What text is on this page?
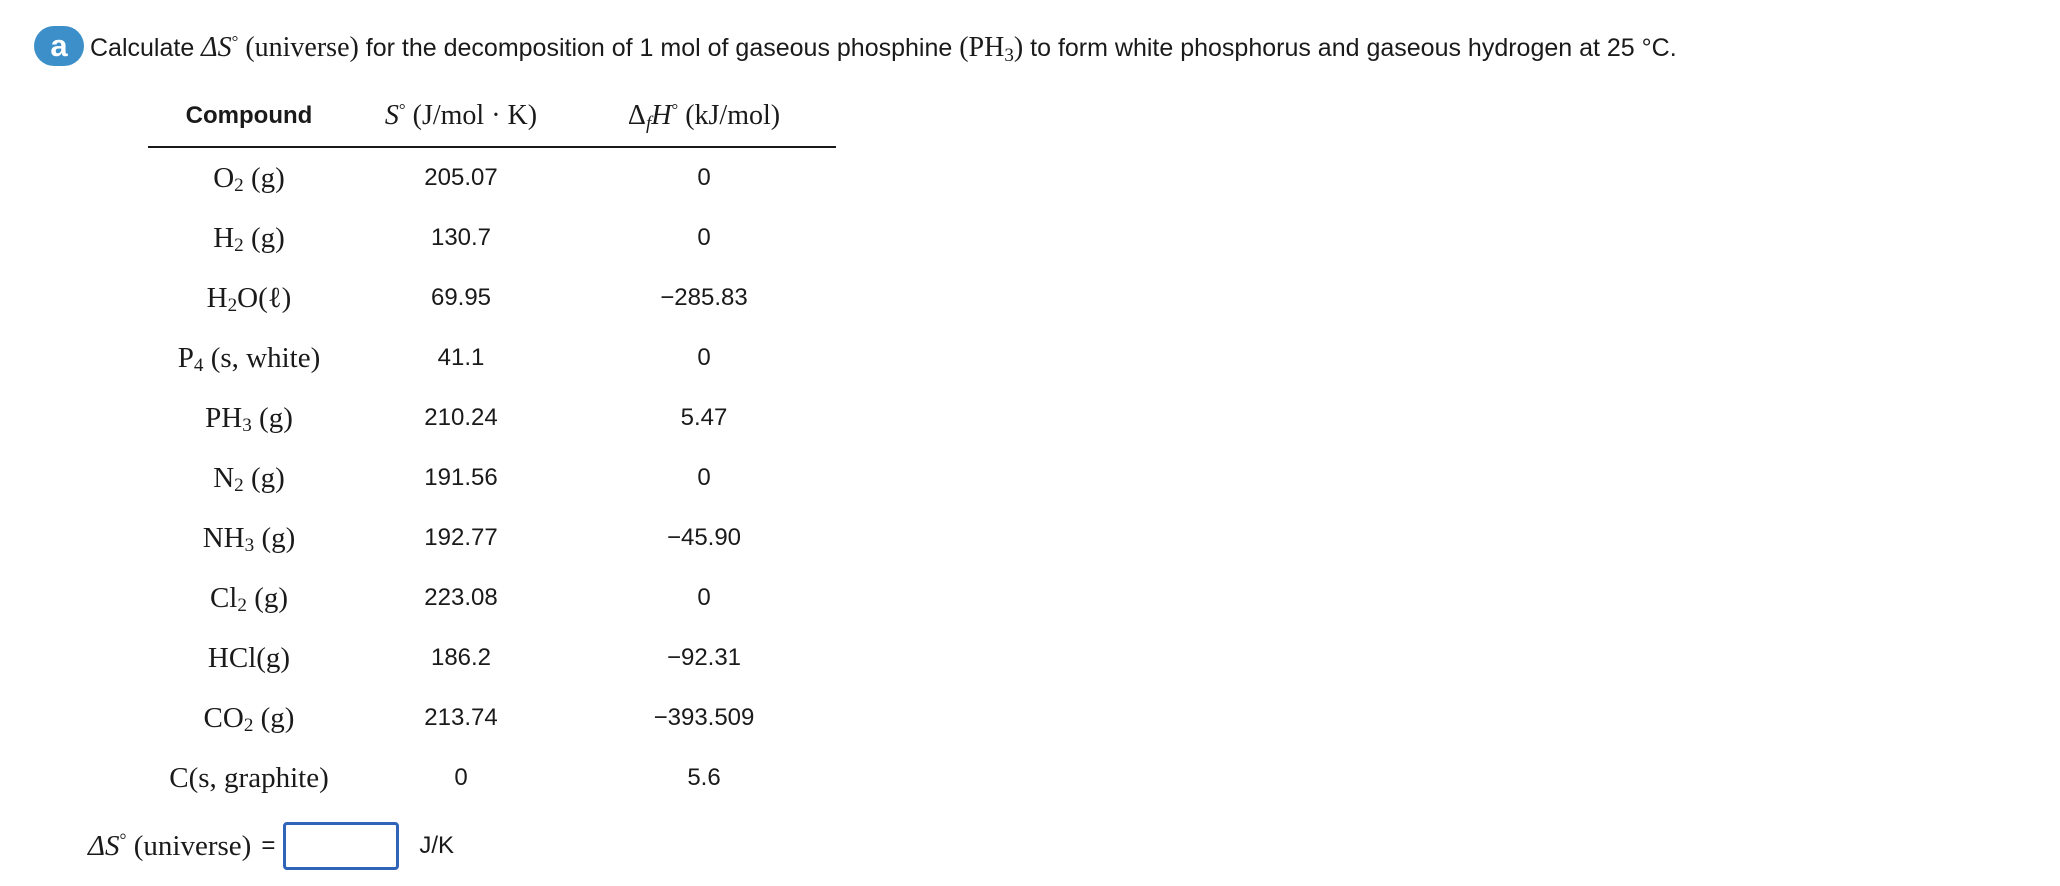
a Calculate ΔS° (universe) for the decomposition of 1 mol of gaseous phosphine $(PH_3)$ to form white phosphorus and gaseous hydrogen at 25 °C.
Compound	S° (J/mol · K)	$\Delta_fH^\circ$ (kJ/mol)
$O_2$ (g)	205.07	0
$H_2$ (g)	130.7	0
$H_2O(\ell)$	69.95	−285.83
$P_4$ (s, white)	41.1	0
$PH_3$ (g)	210.24	5.47
$N_2$ (g)	191.56	0
$NH_3$ (g)	192.77	−45.90
$Cl_2$ (g)	223.08	0
HCl(g)	186.2	−92.31
$CO_2$ (g)	213.74	−393.509
C(s, graphite)	0	5.6
ΔS° (universe) =	J/K
